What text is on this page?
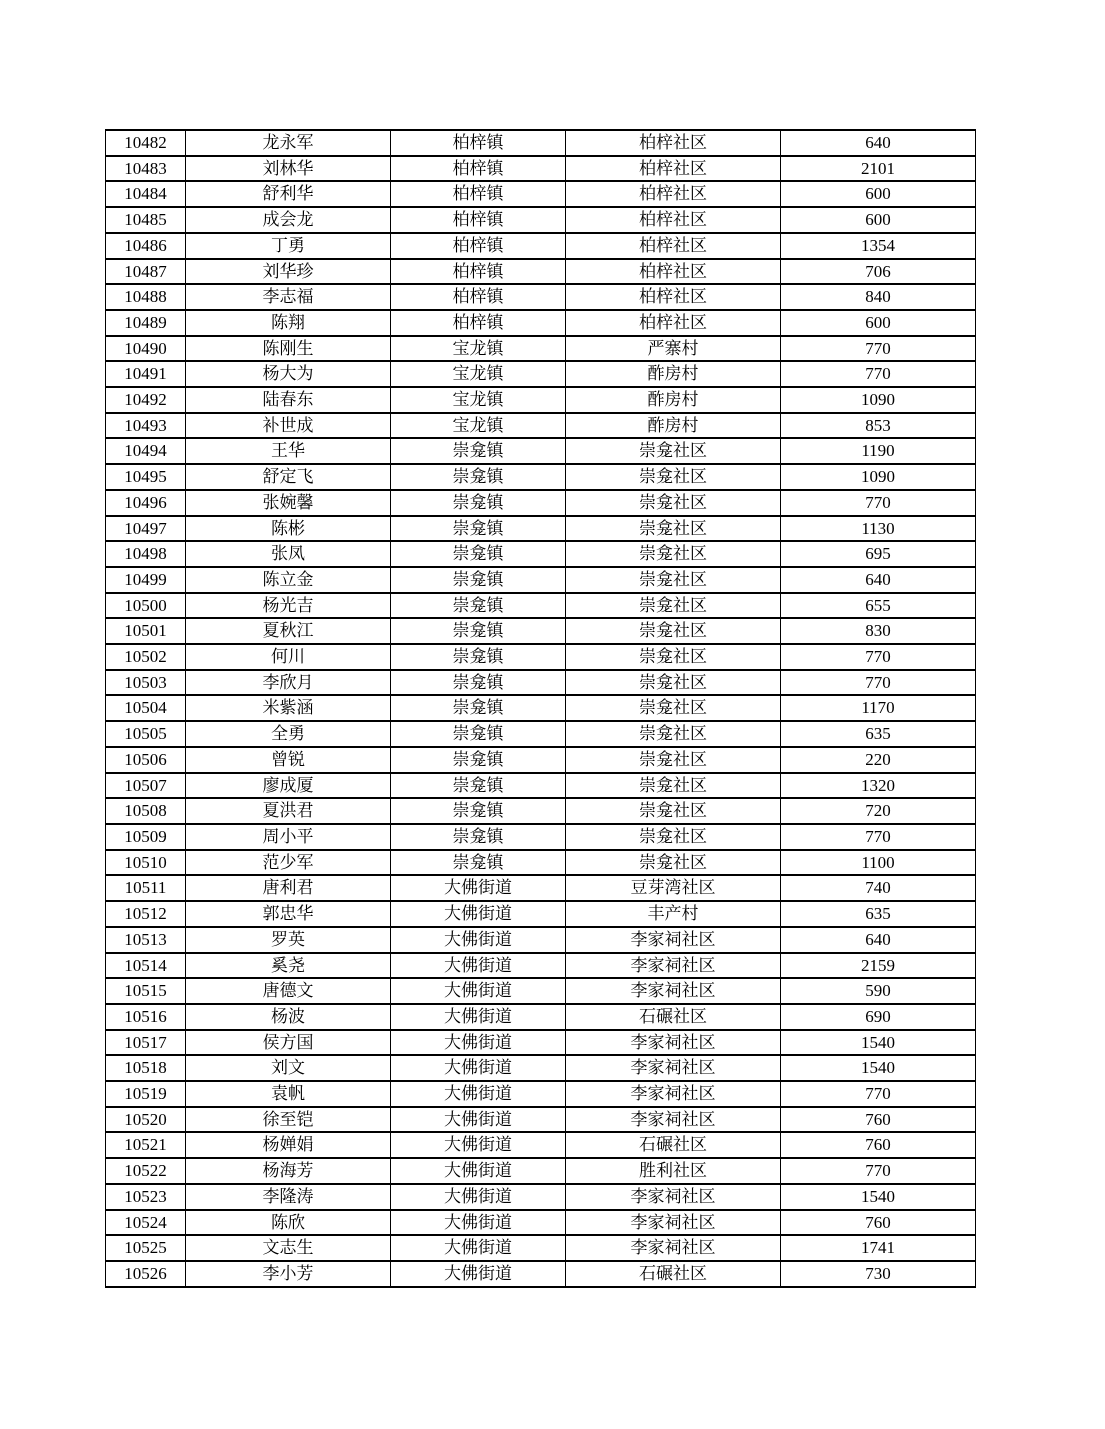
10482	龙永军	柏梓镇	柏梓社区	640
10483	刘林华	柏梓镇	柏梓社区	2101
10484	舒利华	柏梓镇	柏梓社区	600
10485	成会龙	柏梓镇	柏梓社区	600
10486	丁勇	柏梓镇	柏梓社区	1354
10487	刘华珍	柏梓镇	柏梓社区	706
10488	李志福	柏梓镇	柏梓社区	840
10489	陈翔	柏梓镇	柏梓社区	600
10490	陈刚生	宝龙镇	严寨村	770
10491	杨大为	宝龙镇	酢房村	770
10492	陆春东	宝龙镇	酢房村	1090
10493	补世成	宝龙镇	酢房村	853
10494	王华	崇龛镇	崇龛社区	1190
10495	舒定飞	崇龛镇	崇龛社区	1090
10496	张婉馨	崇龛镇	崇龛社区	770
10497	陈彬	崇龛镇	崇龛社区	1130
10498	张凤	崇龛镇	崇龛社区	695
10499	陈立金	崇龛镇	崇龛社区	640
10500	杨光吉	崇龛镇	崇龛社区	655
10501	夏秋江	崇龛镇	崇龛社区	830
10502	何川	崇龛镇	崇龛社区	770
10503	李欣月	崇龛镇	崇龛社区	770
10504	米紫涵	崇龛镇	崇龛社区	1170
10505	全勇	崇龛镇	崇龛社区	635
10506	曾锐	崇龛镇	崇龛社区	220
10507	廖成厦	崇龛镇	崇龛社区	1320
10508	夏洪君	崇龛镇	崇龛社区	720
10509	周小平	崇龛镇	崇龛社区	770
10510	范少军	崇龛镇	崇龛社区	1100
10511	唐利君	大佛街道	豆芽湾社区	740
10512	郭忠华	大佛街道	丰产村	635
10513	罗英	大佛街道	李家祠社区	640
10514	奚尧	大佛街道	李家祠社区	2159
10515	唐德文	大佛街道	李家祠社区	590
10516	杨波	大佛街道	石碾社区	690
10517	侯方国	大佛街道	李家祠社区	1540
10518	刘文	大佛街道	李家祠社区	1540
10519	袁帆	大佛街道	李家祠社区	770
10520	徐至铠	大佛街道	李家祠社区	760
10521	杨婵娟	大佛街道	石碾社区	760
10522	杨海芳	大佛街道	胜利社区	770
10523	李隆涛	大佛街道	李家祠社区	1540
10524	陈欣	大佛街道	李家祠社区	760
10525	文志生	大佛街道	李家祠社区	1741
10526	李小芳	大佛街道	石碾社区	730
